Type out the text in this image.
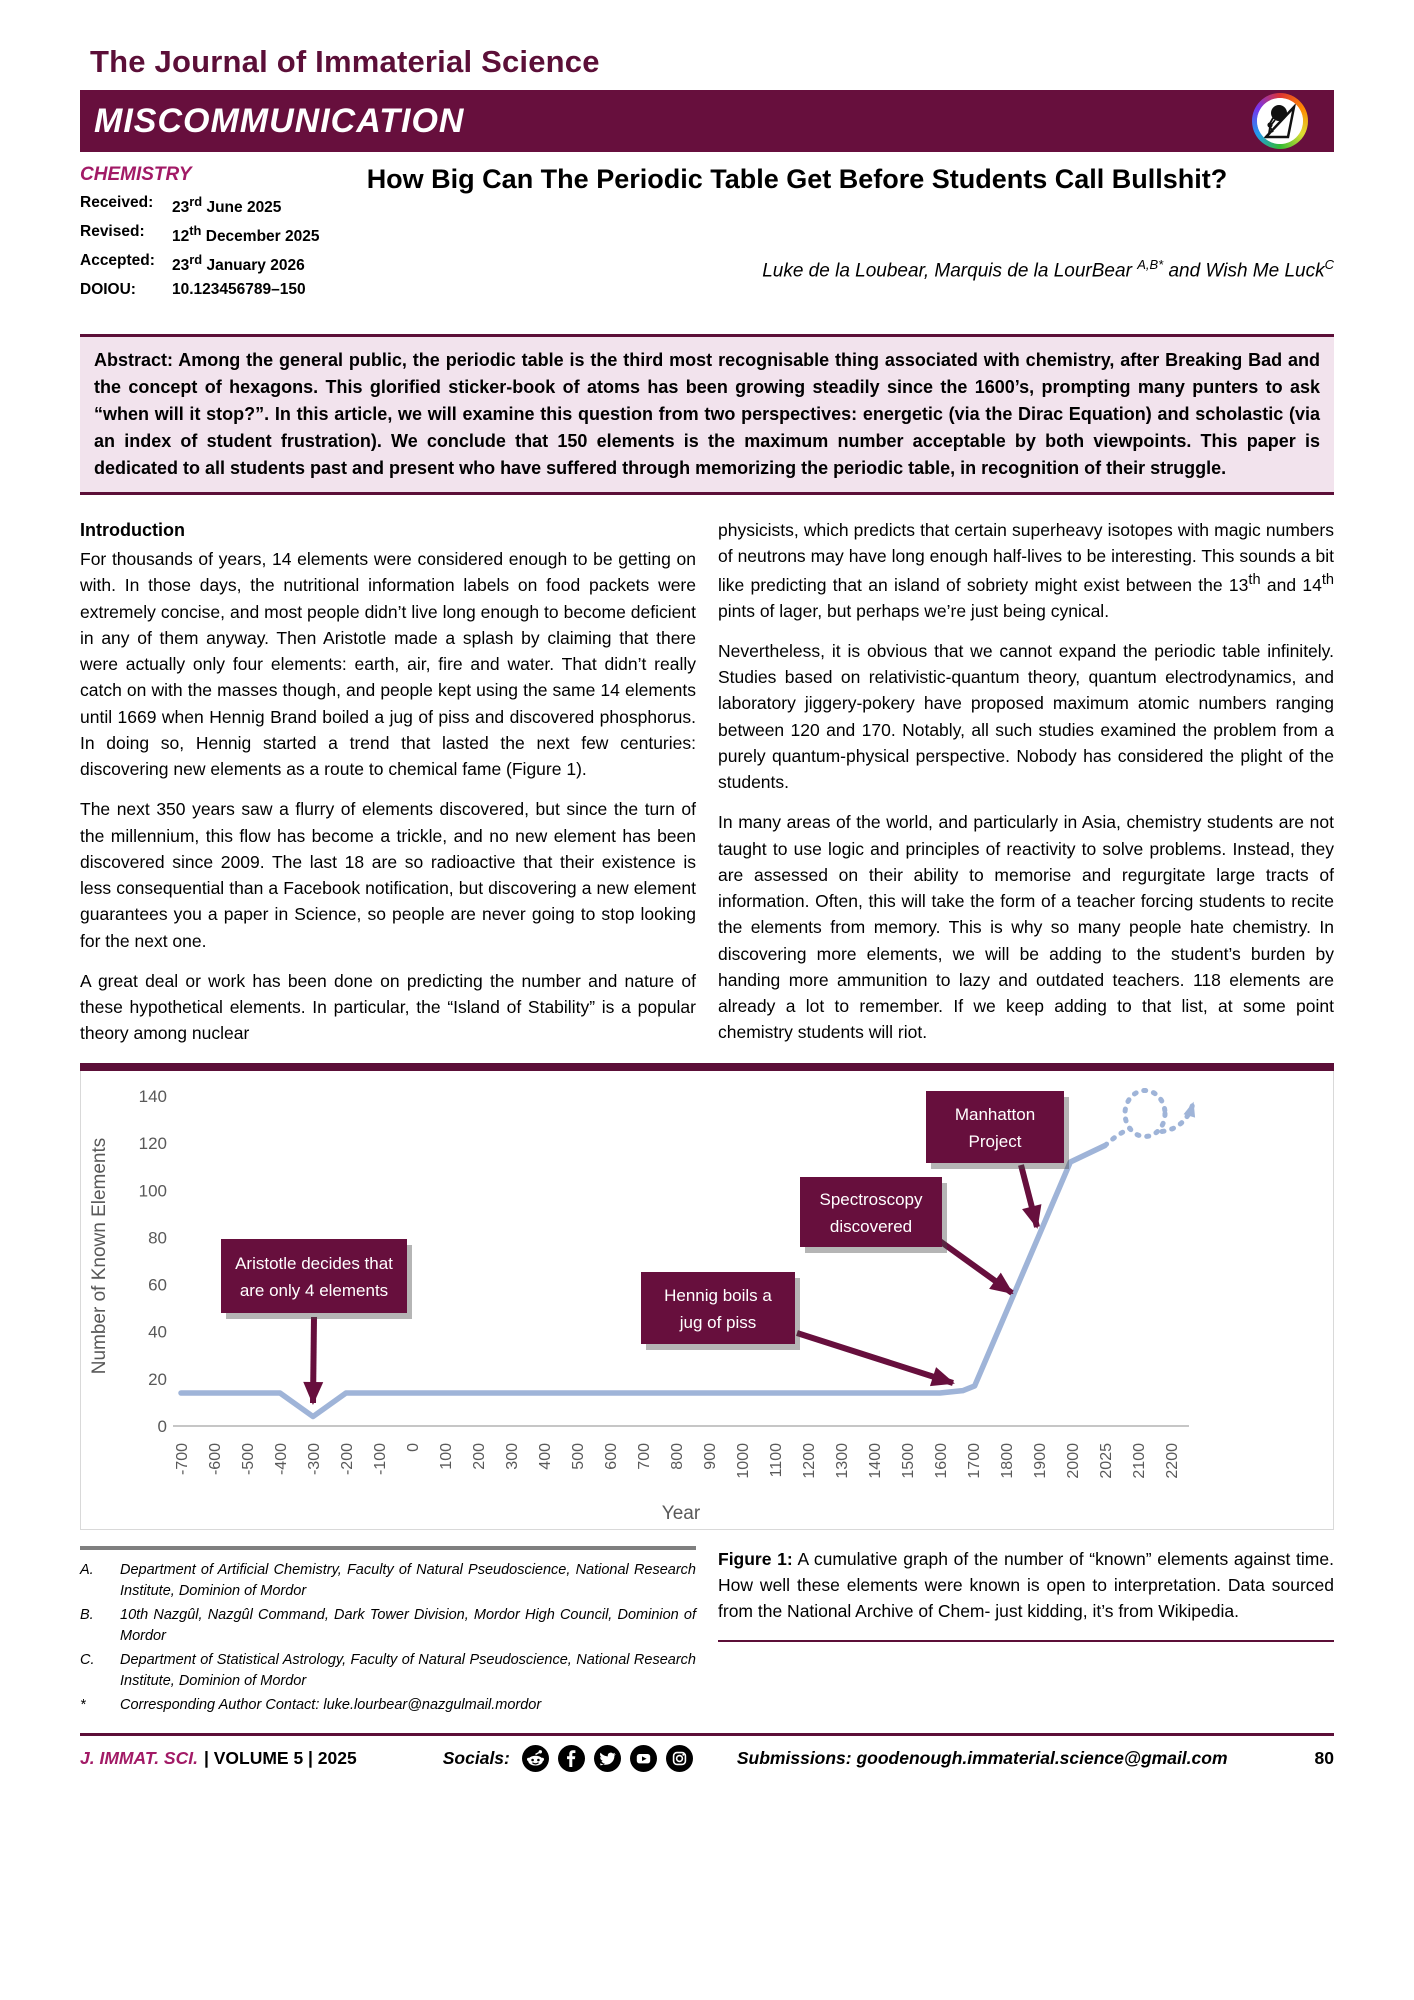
The Journal of Immaterial Science
MISCOMMUNICATION
CHEMISTRY
Received:	23rd June 2025
Revised:	12th December 2025
Accepted:	23rd January 2026
DOIOU:	10.123456789–150
How Big Can The Periodic Table Get Before Students Call Bullshit?
Luke de la Loubear, Marquis de la LourBear $^{A,B*}$ and Wish Me Luck$^C$
Abstract: Among the general public, the periodic table is the third most recognisable thing associated with chemistry, after Breaking Bad and the concept of hexagons. This glorified sticker-book of atoms has been growing steadily since the 1600’s, prompting many punters to ask “when will it stop?”. In this article, we will examine this question from two perspectives: energetic (via the Dirac Equation) and scholastic (via an index of student frustration). We conclude that 150 elements is the maximum number acceptable by both viewpoints. This paper is dedicated to all students past and present who have suffered through memorizing the periodic table, in recognition of their struggle.
Introduction

For thousands of years, 14 elements were considered enough to be getting on with. In those days, the nutritional information labels on food packets were extremely concise, and most people didn’t live long enough to become deficient in any of them anyway. Then Aristotle made a splash by claiming that there were actually only four elements: earth, air, fire and water. That didn’t really catch on with the masses though, and people kept using the same 14 elements until 1669 when Hennig Brand boiled a jug of piss and discovered phosphorus. In doing so, Hennig started a trend that lasted the next few centuries: discovering new elements as a route to chemical fame (Figure 1).

The next 350 years saw a flurry of elements discovered, but since the turn of the millennium, this flow has become a trickle, and no new element has been discovered since 2009. The last 18 are so radioactive that their existence is less consequential than a Facebook notification, but discovering a new element guarantees you a paper in Science, so people are never going to stop looking for the next one.

A great deal or work has been done on predicting the number and nature of these hypothetical elements. In particular, the “Island of Stability” is a popular theory among nuclear

physicists, which predicts that certain superheavy isotopes with magic numbers of neutrons may have long enough half-lives to be interesting. This sounds a bit like predicting that an island of sobriety might exist between the 13th and 14th pints of lager, but perhaps we’re just being cynical.

Nevertheless, it is obvious that we cannot expand the periodic table infinitely. Studies based on relativistic-quantum theory, quantum electrodynamics, and laboratory jiggery-pokery have proposed maximum atomic numbers ranging between 120 and 170. Notably, all such studies examined the problem from a purely quantum-physical perspective. Nobody has considered the plight of the students.

In many areas of the world, and particularly in Asia, chemistry students are not taught to use logic and principles of reactivity to solve problems. Instead, they are assessed on their ability to memorise and regurgitate large tracts of information. Often, this will take the form of a teacher forcing students to recite the elements from memory. This is why so many people hate chemistry. In discovering more elements, we will be adding to the student’s burden by handing more ammunition to lazy and outdated teachers. 118 elements are already a lot to remember. If we keep adding to that list, at some point chemistry students will riot.

0
20
40
60
80
100
120
140
-700 -600 -500 -400 -300 -200 -100 0 100 200 300 400 500 600 700 800 900 1000 1100 1200 1300 1400 1500 1600 1700 1800 1900 2000 2025 2100 2200
Number of Known Elements
Year
Aristotle decides that
are only 4 elements	Hennig boils a
jug of piss
Spectroscopy
discovered
Manhatton
Project
A.	Department of Artificial Chemistry, Faculty of Natural Pseudoscience, National Research Institute, Dominion of Mordor
B.	10th Nazgûl, Nazgûl Command, Dark Tower Division, Mordor High Council, Dominion of Mordor
C.	Department of Statistical Astrology, Faculty of Natural Pseudoscience, National Research Institute, Dominion of Mordor
*	Corresponding Author Contact: luke.lourbear@nazgulmail.mordor
Figure 1: A cumulative graph of the number of “known” elements against time. How well these elements were known is open to interpretation. Data sourced from the National Archive of Chem- just kidding, it’s from Wikipedia.
J. IMMAT. SCI. | VOLUME 5 | 2025	Socials:	Submissions: goodenough.immaterial.science@gmail.com	80
